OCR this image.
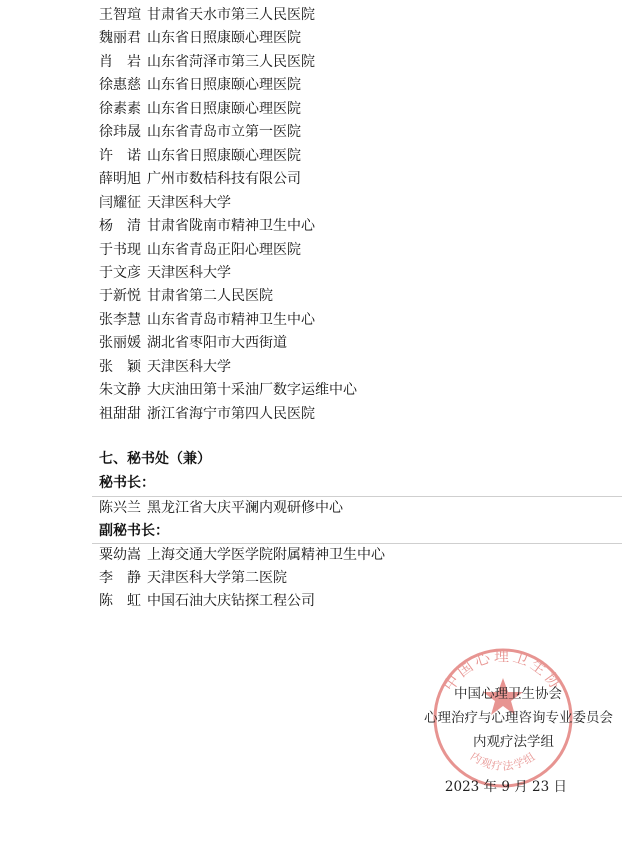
王智瑄 甘肃省天水市第三人民医院
魏丽君 山东省日照康颐心理医院
肖　岩 山东省菏泽市第三人民医院
徐惠慈 山东省日照康颐心理医院
徐素素 山东省日照康颐心理医院
徐玮晟 山东省青岛市立第一医院
许　诺 山东省日照康颐心理医院
薛明旭 广州市数桔科技有限公司
闫耀征 天津医科大学
杨　清 甘肃省陇南市精神卫生中心
于书现 山东省青岛正阳心理医院
于文彦 天津医科大学
于新悦 甘肃省第二人民医院
张李慧 山东省青岛市精神卫生中心
张丽媛 湖北省枣阳市大西街道
张　颖 天津医科大学
朱文静 大庆油田第十采油厂数字运维中心
祖甜甜 浙江省海宁市第四人民医院
七、秘书处（兼）
秘书长：
陈兴兰 黑龙江省大庆平澜内观研修中心
副秘书长：
粟幼嵩 上海交通大学医学院附属精神卫生中心
李　静 天津医科大学第二医院
陈　虹 中国石油大庆钻探工程公司
中国心理卫生协
内观疗法学组
中国心理卫生协会
心理治疗与心理咨询专业委员会
内观疗法学组
2023 年 9 月 23 日
